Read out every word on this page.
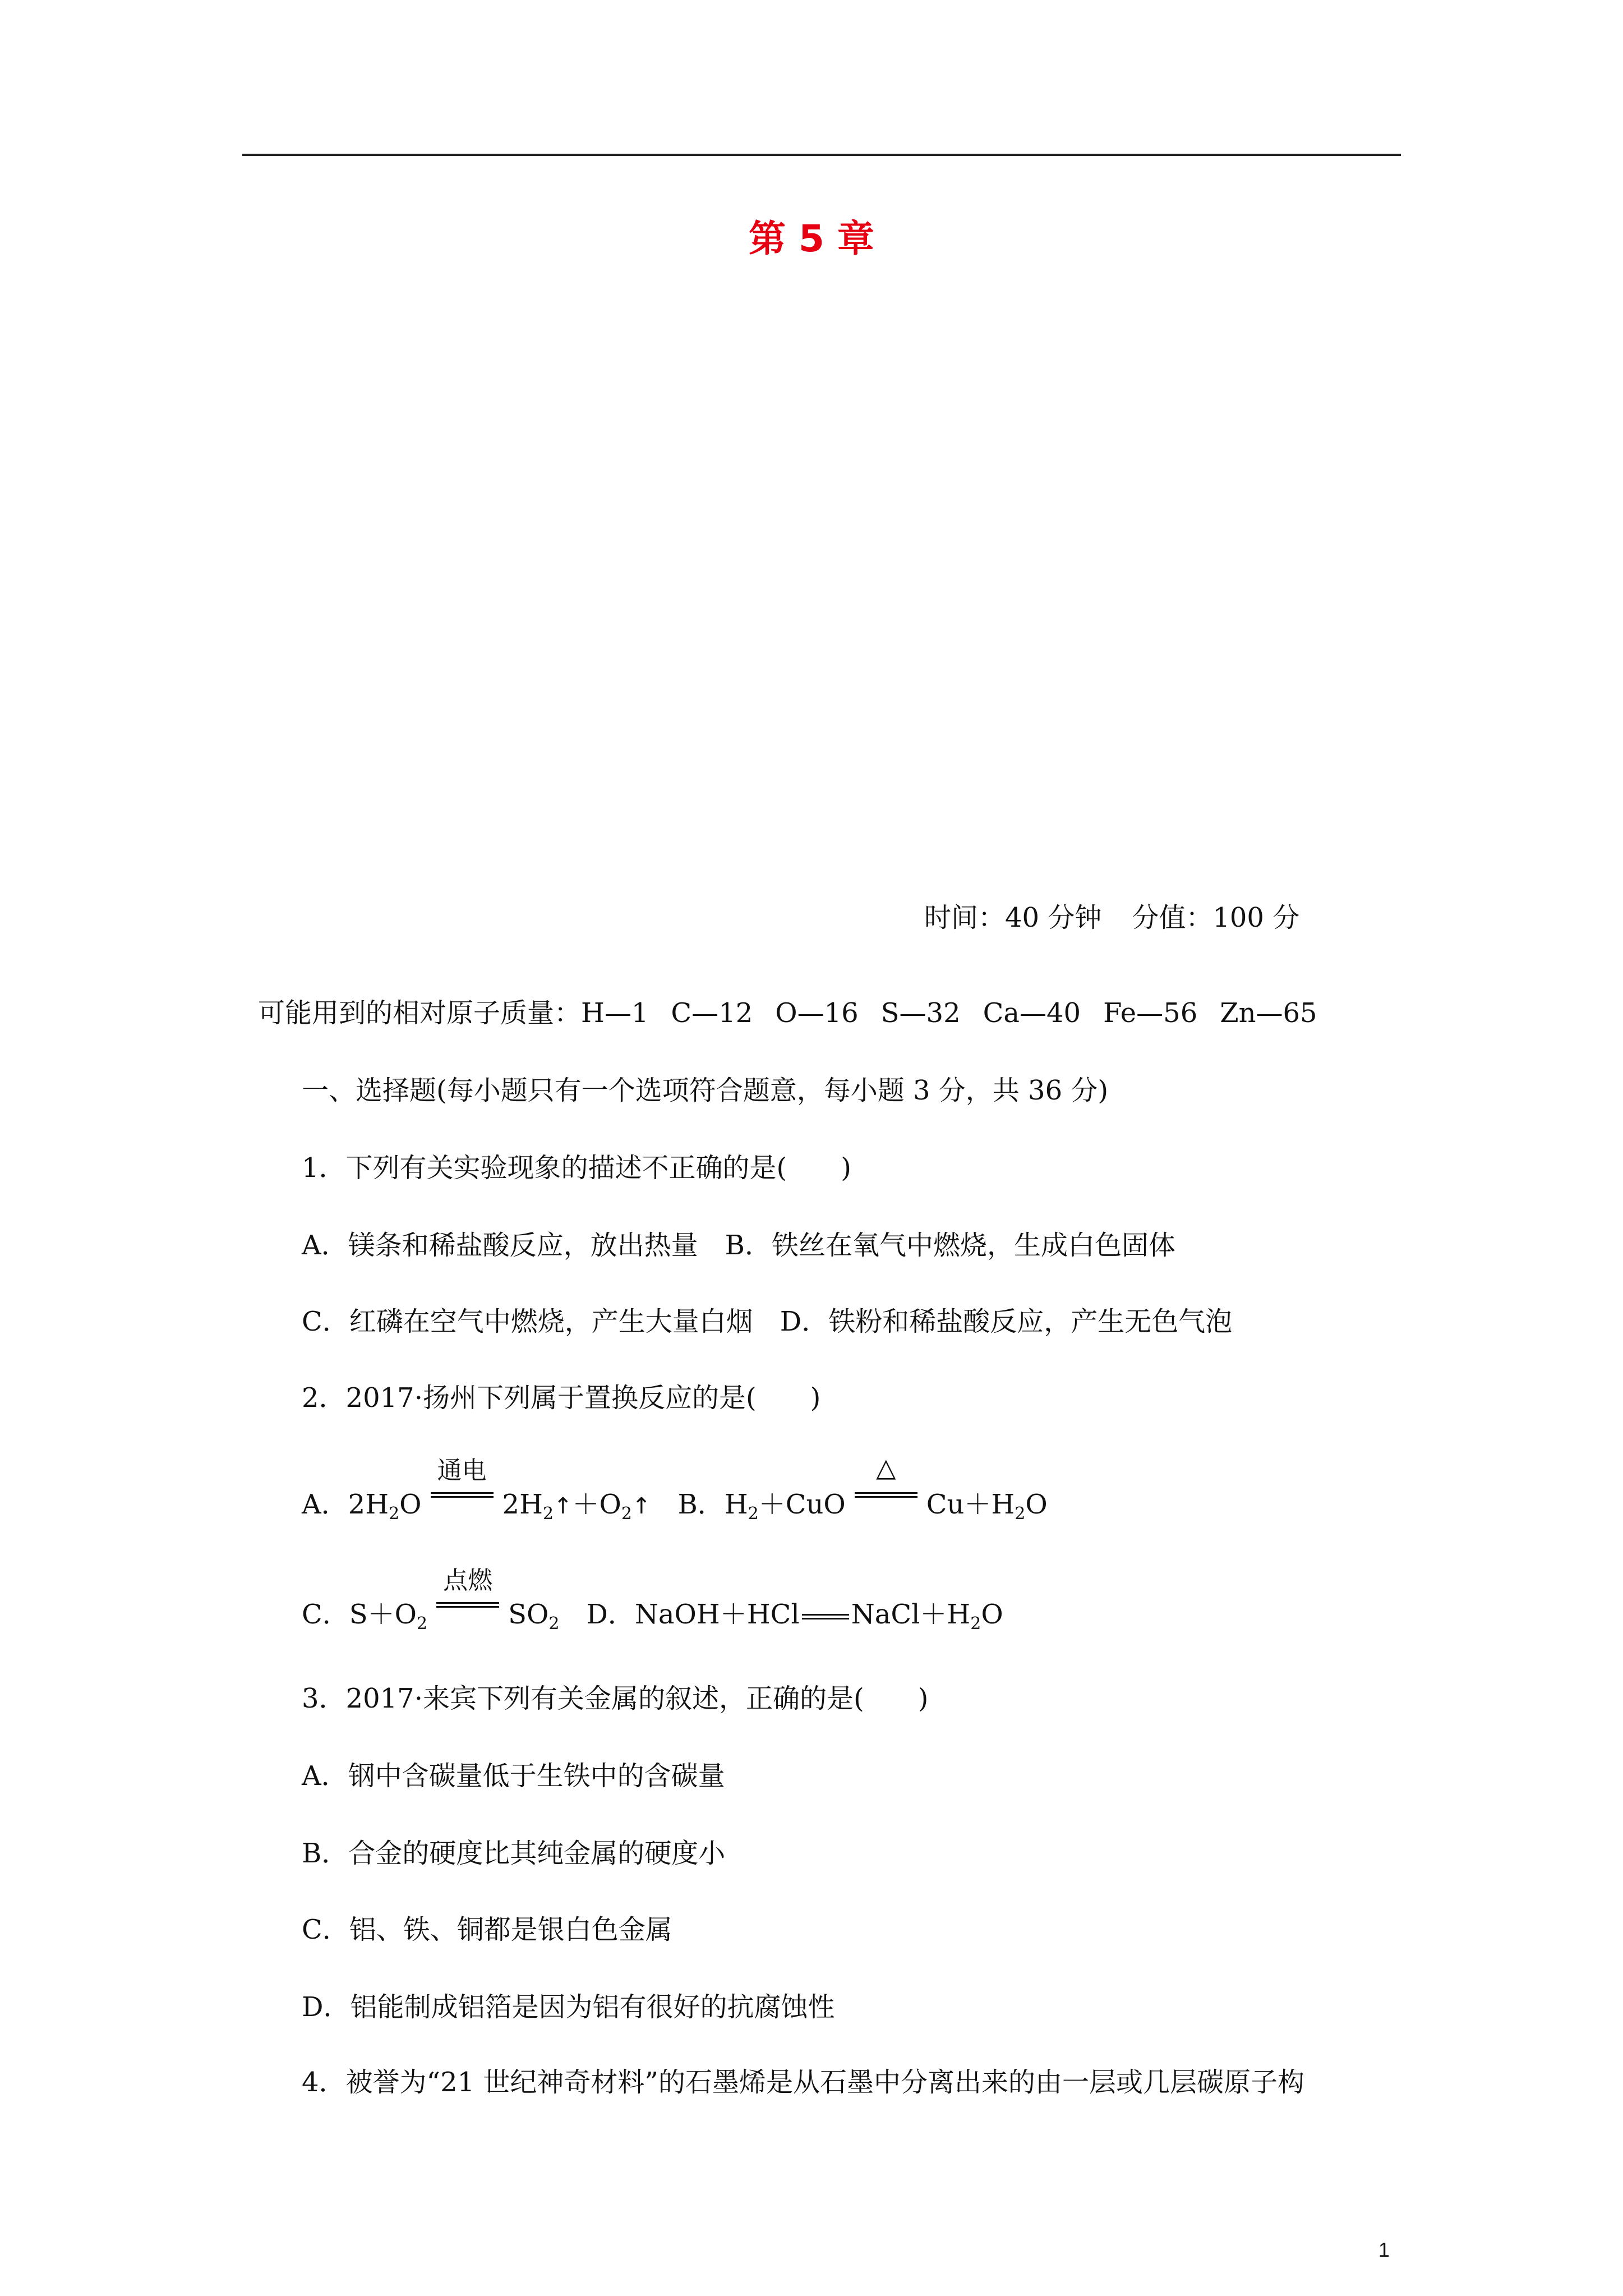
第 5 章
时间：40 分钟 分值：100 分
可能用到的相对原子质量：H—1 C—12 O—16 S—32 Ca—40 Fe—56 Zn—65
一、选择题(每小题只有一个选项符合题意，每小题 3 分，共 36 分)
1．下列有关实验现象的描述不正确的是(　　)
A．镁条和稀盐酸反应，放出热量　B．铁丝在氧气中燃烧，生成白色固体
C．红磷在空气中燃烧，产生大量白烟　D．铁粉和稀盐酸反应，产生无色气泡
2．2017·扬州下列属于置换反应的是(　　)
A．$2H_2O$
通电
$2H_2↑+O_2↑$　 B．$H_2+CuO$
△
$Cu+H_2O$
C．$S+O_2$
点燃
$SO_2$　 D．NaOH＋HCl $NaCl+H_2O$
3．2017·来宾下列有关金属的叙述，正确的是(　　)
A．钢中含碳量低于生铁中的含碳量
B．合金的硬度比其纯金属的硬度小
C．铝、铁、铜都是银白色金属
D．铝能制成铝箔是因为铝有很好的抗腐蚀性
4．被誉为“21 世纪神奇材料”的石墨烯是从石墨中分离出来的由一层或几层碳原子构
1
